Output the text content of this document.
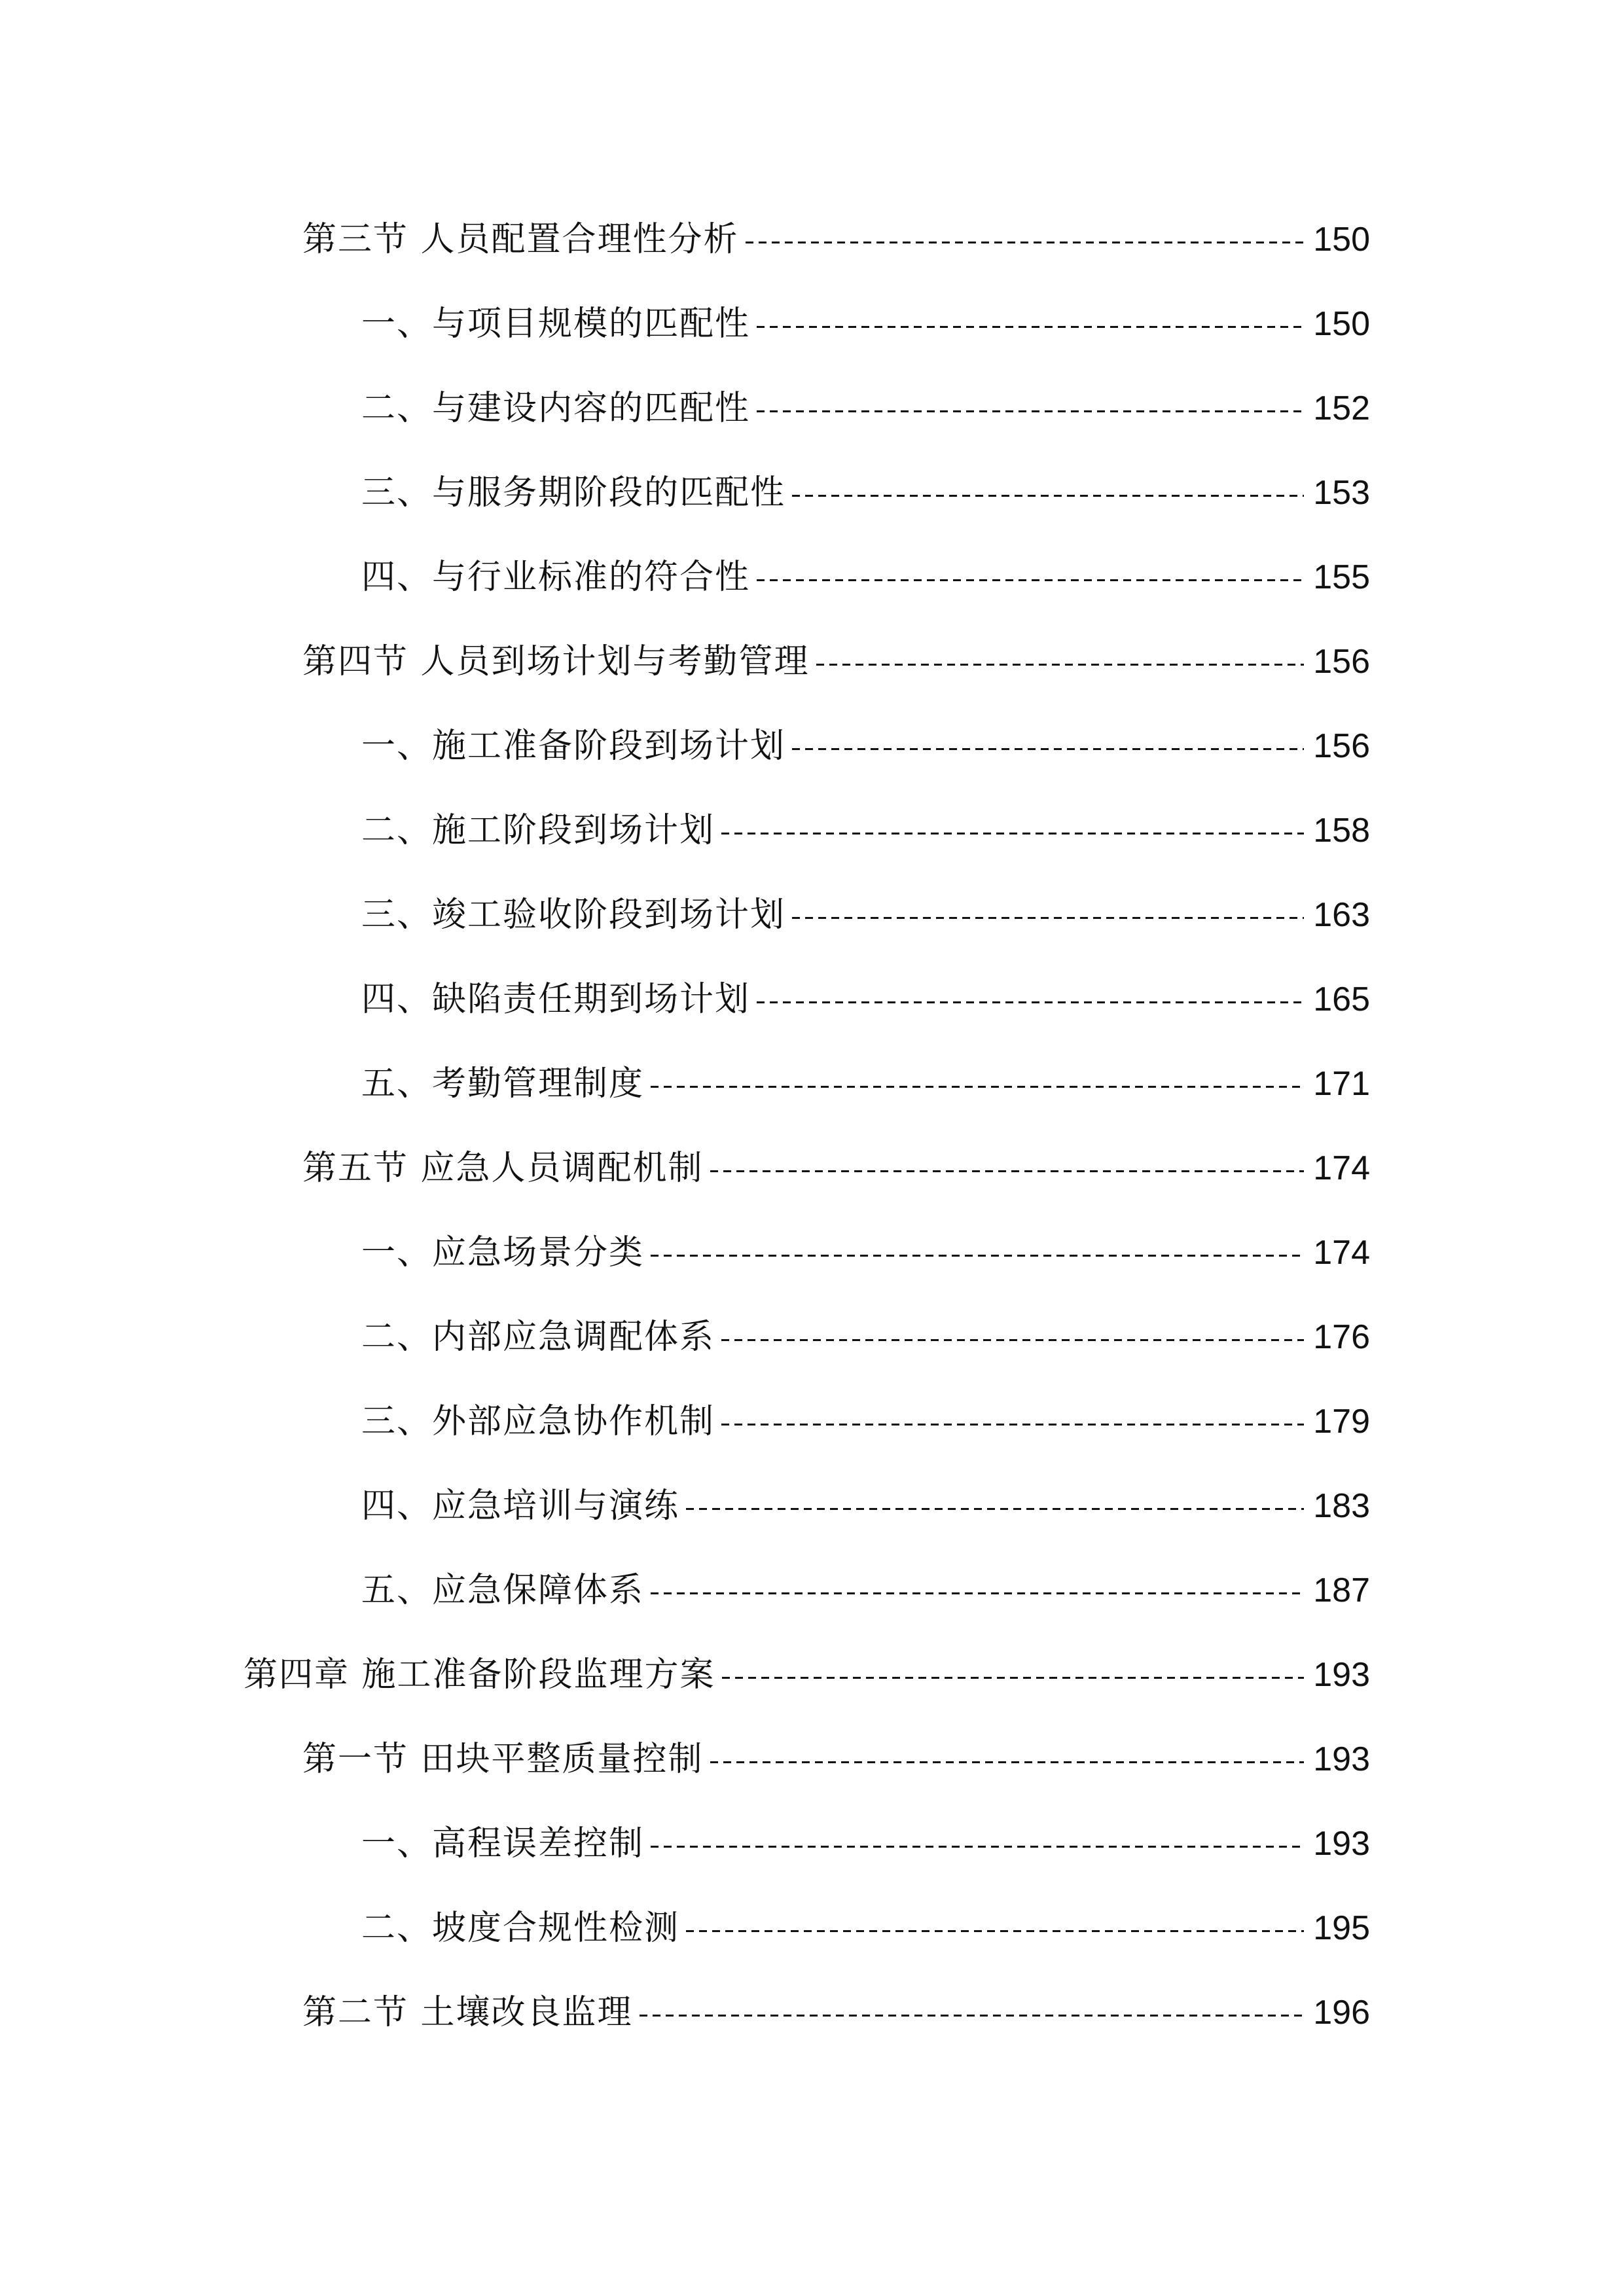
第三节 人员配置合理性分析	150
一、与项目规模的匹配性	150
二、与建设内容的匹配性	152
三、与服务期阶段的匹配性	153
四、与行业标准的符合性	155
第四节 人员到场计划与考勤管理	156
一、施工准备阶段到场计划	156
二、施工阶段到场计划	158
三、竣工验收阶段到场计划	163
四、缺陷责任期到场计划	165
五、考勤管理制度	171
第五节 应急人员调配机制	174
一、应急场景分类	174
二、内部应急调配体系	176
三、外部应急协作机制	179
四、应急培训与演练	183
五、应急保障体系	187
第四章 施工准备阶段监理方案	193
第一节 田块平整质量控制	193
一、高程误差控制	193
二、坡度合规性检测	195
第二节 土壤改良监理	196
